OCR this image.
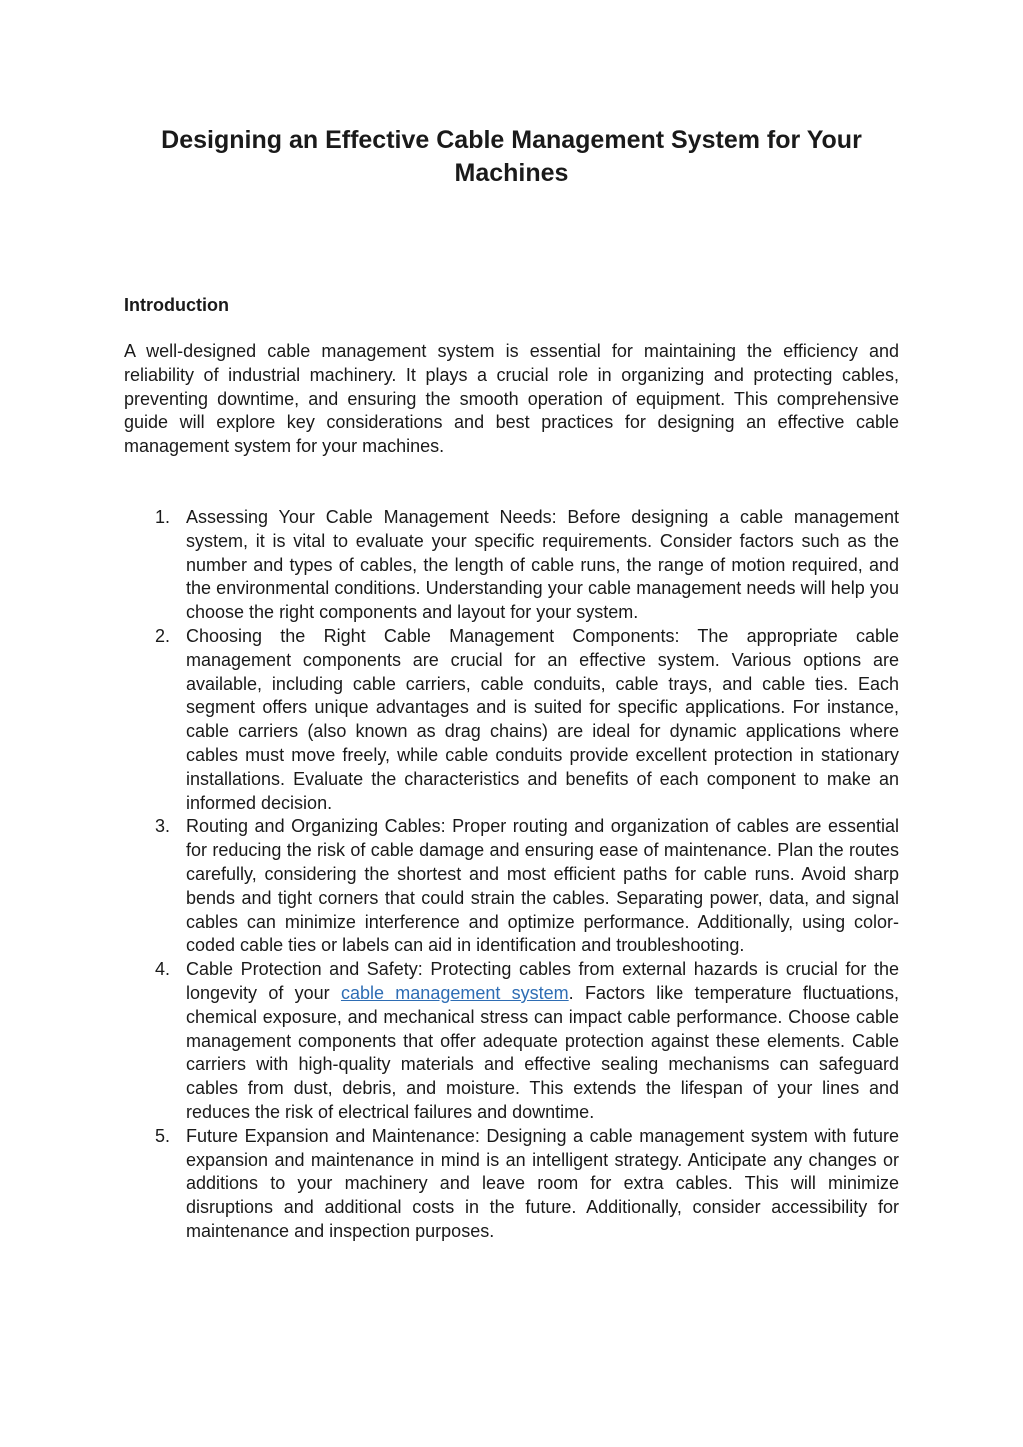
Designing an Effective Cable Management System for Your Machines
Introduction

A well-designed cable management system is essential for maintaining the efficiency and reliability of industrial machinery. It plays a crucial role in organizing and protecting cables, preventing downtime, and ensuring the smooth operation of equipment. This comprehensive guide will explore key considerations and best practices for designing an effective cable management system for your machines.

1. Assessing Your Cable Management Needs: Before designing a cable management system, it is vital to evaluate your specific requirements. Consider factors such as the number and types of cables, the length of cable runs, the range of motion required, and the environmental conditions. Understanding your cable management needs will help you choose the right components and layout for your system.
2. Choosing the Right Cable Management Components: The appropriate cable management components are crucial for an effective system. Various options are available, including cable carriers, cable conduits, cable trays, and cable ties. Each segment offers unique advantages and is suited for specific applications. For instance, cable carriers (also known as drag chains) are ideal for dynamic applications where cables must move freely, while cable conduits provide excellent protection in stationary installations. Evaluate the characteristics and benefits of each component to make an informed decision.
3. Routing and Organizing Cables: Proper routing and organization of cables are essential for reducing the risk of cable damage and ensuring ease of maintenance. Plan the routes carefully, considering the shortest and most efficient paths for cable runs. Avoid sharp bends and tight corners that could strain the cables. Separating power, data, and signal cables can minimize interference and optimize performance. Additionally, using color-coded cable ties or labels can aid in identification and troubleshooting.
4. Cable Protection and Safety: Protecting cables from external hazards is crucial for the longevity of your cable management system. Factors like temperature fluctuations, chemical exposure, and mechanical stress can impact cable performance. Choose cable management components that offer adequate protection against these elements. Cable carriers with high-quality materials and effective sealing mechanisms can safeguard cables from dust, debris, and moisture. This extends the lifespan of your lines and reduces the risk of electrical failures and downtime.
5. Future Expansion and Maintenance: Designing a cable management system with future expansion and maintenance in mind is an intelligent strategy. Anticipate any changes or additions to your machinery and leave room for extra cables. This will minimize disruptions and additional costs in the future. Additionally, consider accessibility for maintenance and inspection purposes.
